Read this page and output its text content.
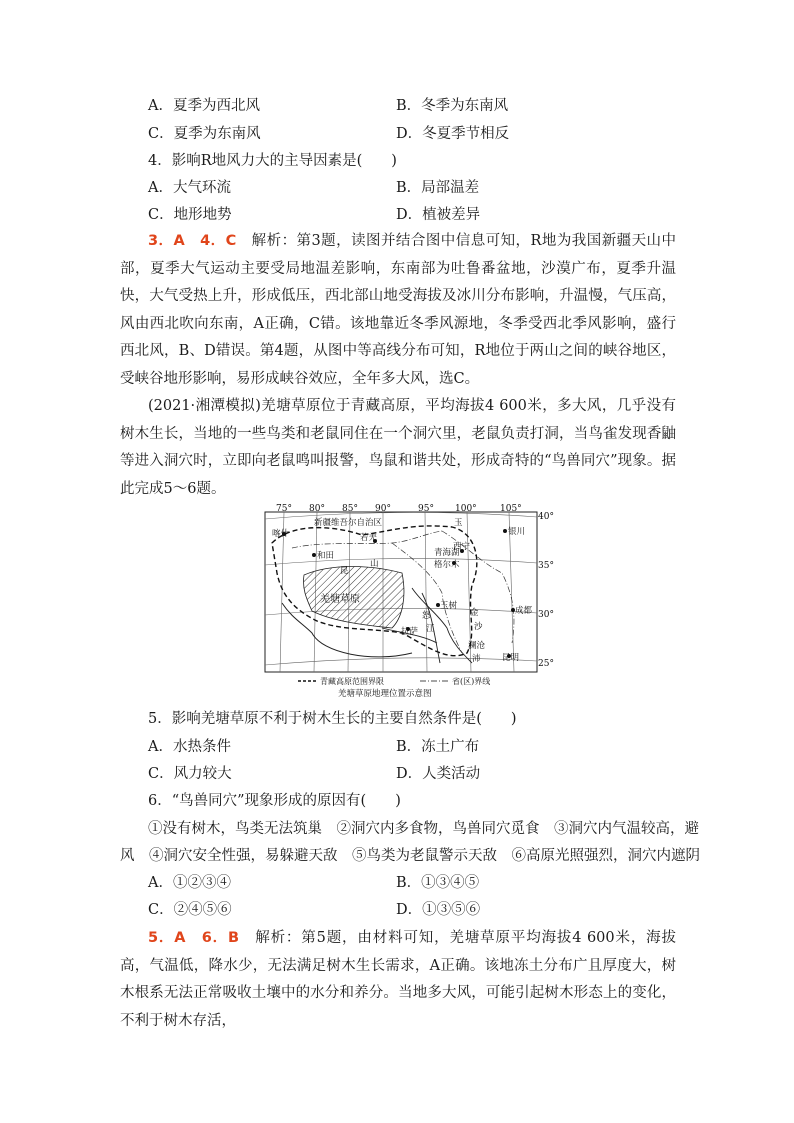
A．夏季为西北风	B．冬季为东南风
C．夏季为东南风	D．冬夏季节相反
4．影响R地风力大的主导因素是(　　)
A．大气环流	B．局部温差
C．地形地势	D．植被差异
3．A　4．C　解析：第3题，读图并结合图中信息可知，R地为我国新疆天山中部，夏季大气运动主要受局地温差影响，东南部为吐鲁番盆地，沙漠广布，夏季升温快，大气受热上升，形成低压，西北部山地受海拔及冰川分布影响，升温慢，气压高，风由西北吹向东南，A正确，C错。该地靠近冬季风源地，冬季受西北季风影响，盛行西北风，B、D错误。第4题，从图中等高线分布可知，R地位于两山之间的峡谷地区，受峡谷地形影响，易形成峡谷效应，全年多大风，选C。
(2021·湘潭模拟)羌塘草原位于青藏高原，平均海拔4 600米，多大风，几乎没有树木生长，当地的一些鸟类和老鼠同住在一个洞穴里，老鼠负责打洞，当鸟雀发现香鼬等进入洞穴时，立即向老鼠鸣叫报警，鸟鼠和谐共处，形成奇特的“鸟兽同穴”现象。据此完成5～6题。
75° 80° 85° 90°	95° 100°	105°
40°
35°
30°
25°
新疆维吾尔自治区	玉
喀什
和田
若羌
银川
西宁
青海湖
格尔木
山
昆
羌塘草原
玉树	成都
金
沙
怒
江
拉萨
澜沧
昆明
沛
青藏高原范围界限	省(区)界线
羌塘草原地理位置示意图
5．影响羌塘草原不利于树木生长的主要自然条件是(　　)
A．水热条件	B．冻土广布
C．风力较大	D．人类活动
6．“鸟兽同穴”现象形成的原因有(　　)
①没有树木，鸟类无法筑巢　②洞穴内多食物，鸟兽同穴觅食　③洞穴内气温较高，避
风　④洞穴安全性强，易躲避天敌　⑤鸟类为老鼠警示天敌　⑥高原光照强烈，洞穴内遮阴
A．①②③④	B．①③④⑤
C．②④⑤⑥	D．①③⑤⑥
5．A　6．B　解析：第5题，由材料可知，羌塘草原平均海拔4 600米，海拔高，气温低，降水少，无法满足树木生长需求，A正确。该地冻土分布广且厚度大，树木根系无法正常吸收土壤中的水分和养分。当地多大风，可能引起树木形态上的变化，不利于树木存活，
